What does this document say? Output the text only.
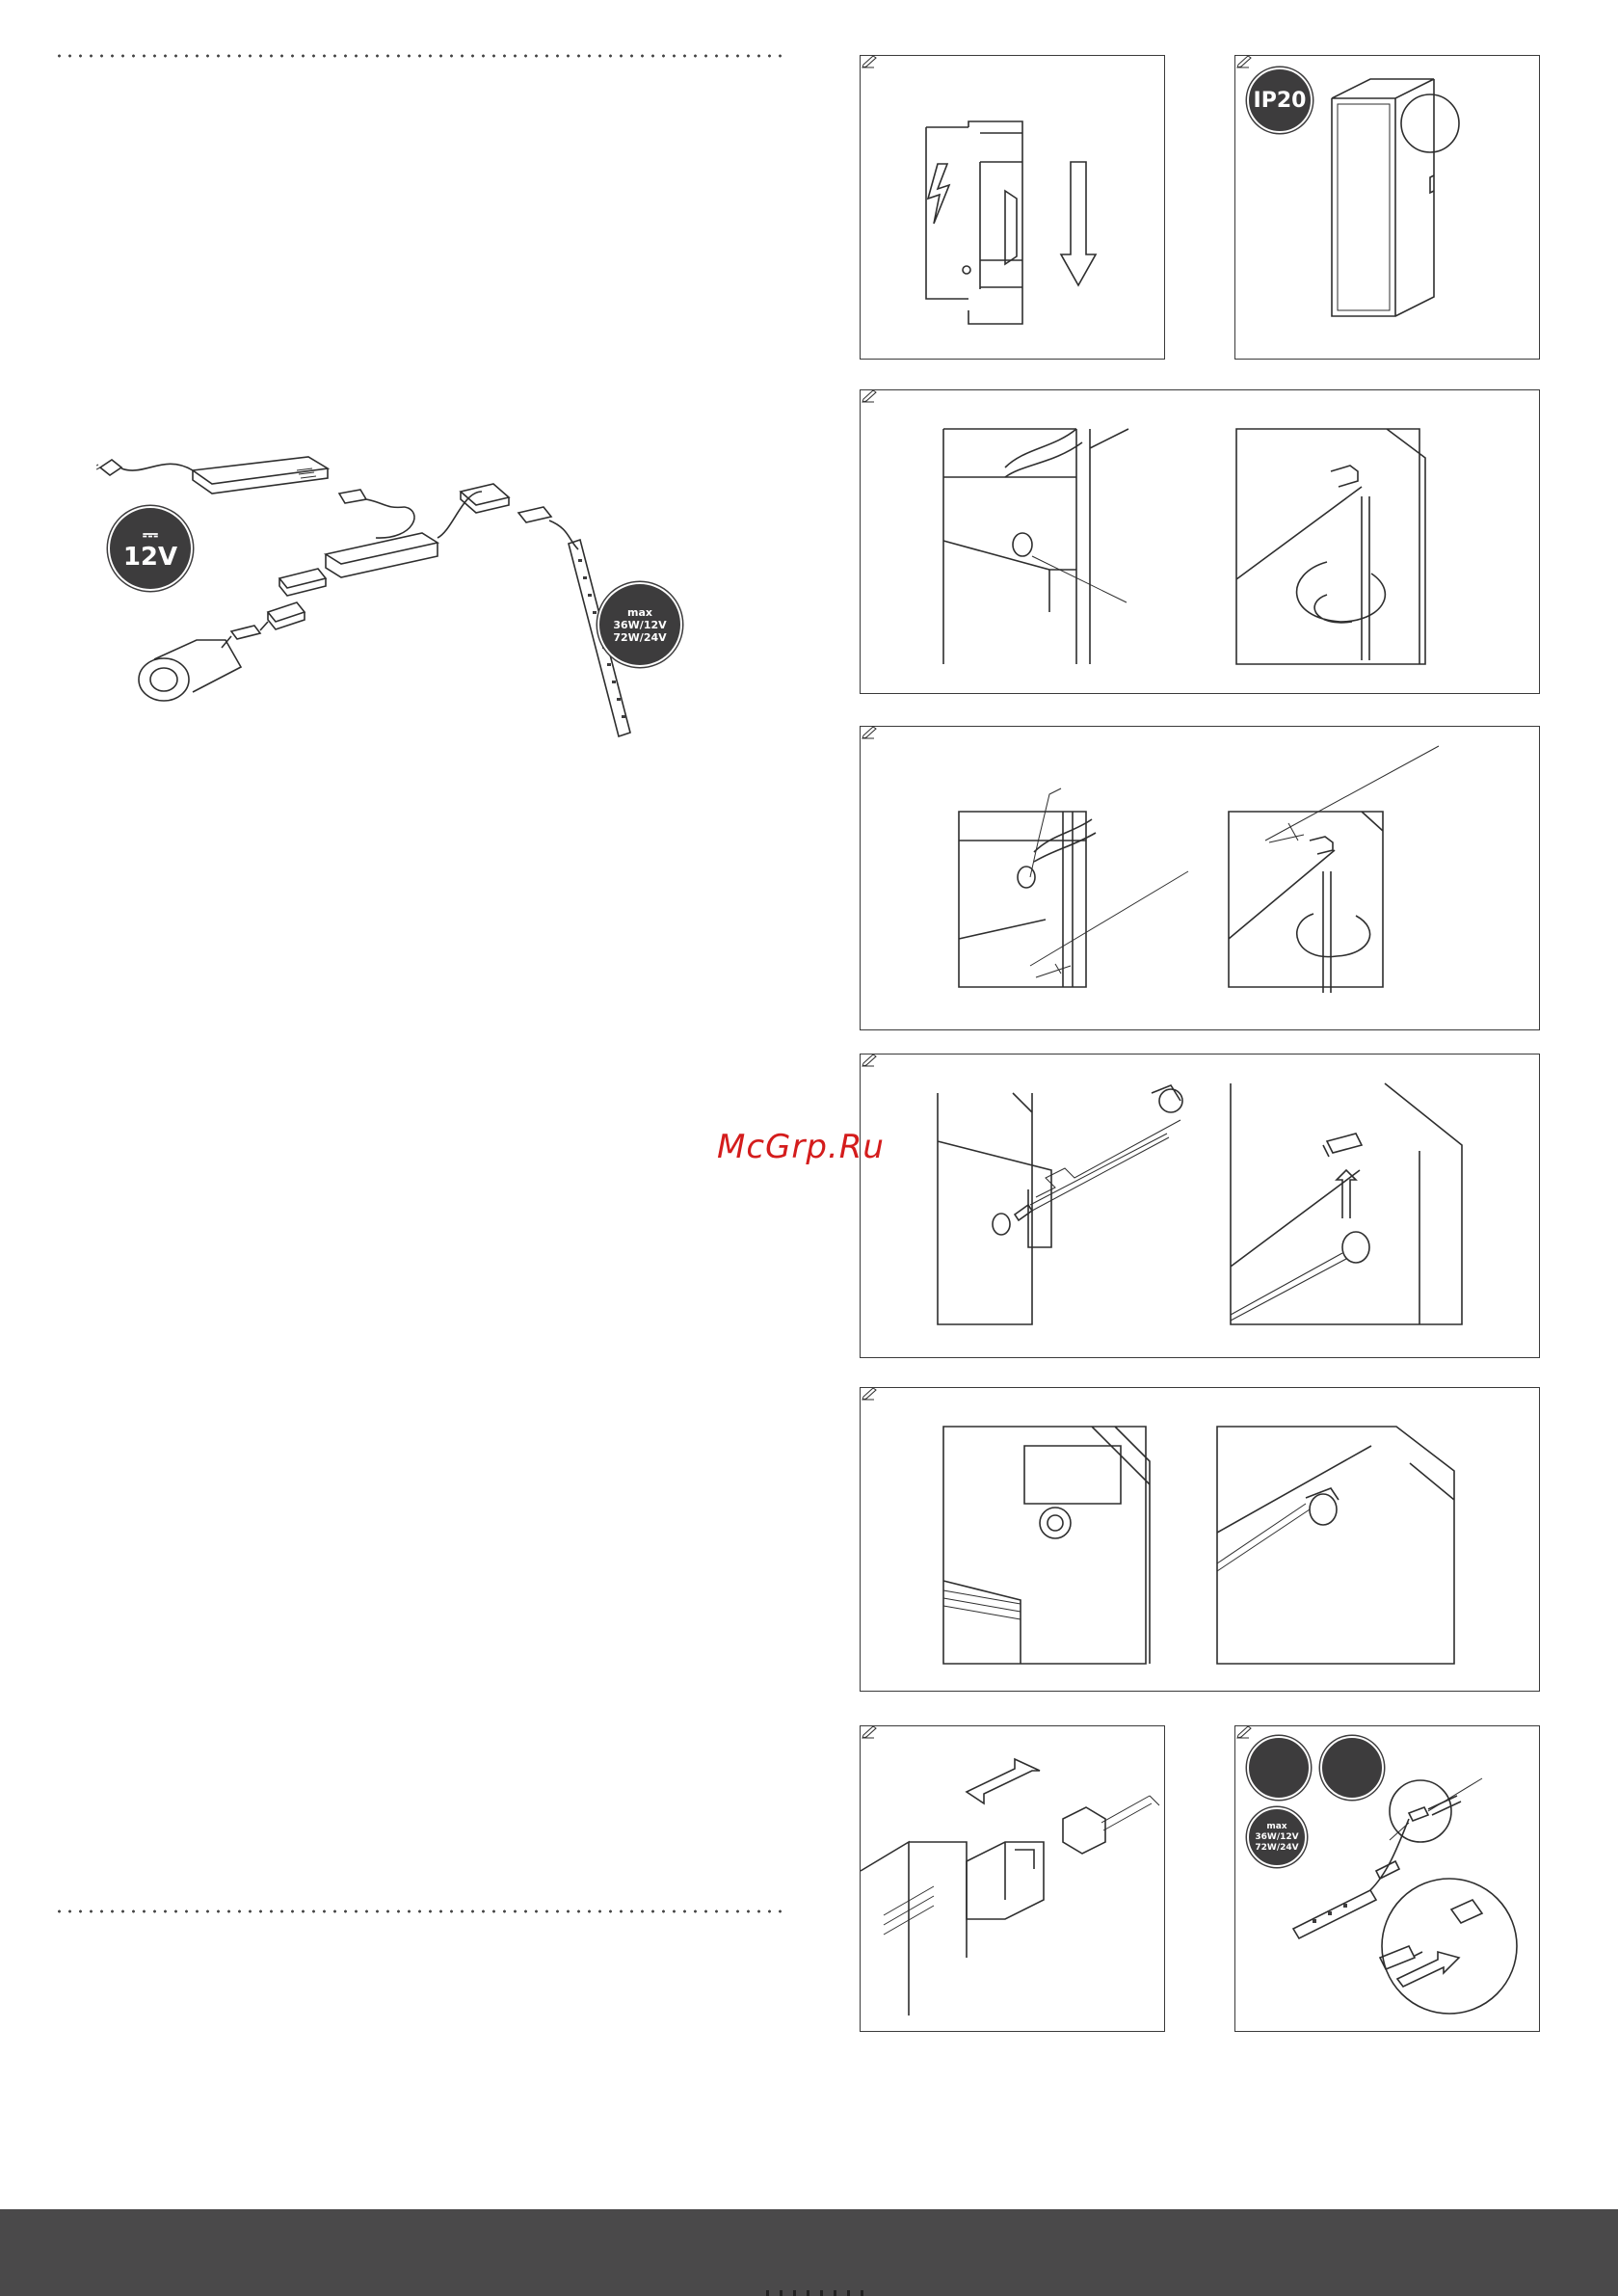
⎓
12V
max
36W/12V
72W/24V
IP20
max
36W/12V
72W/24V
McGrp.Ru
